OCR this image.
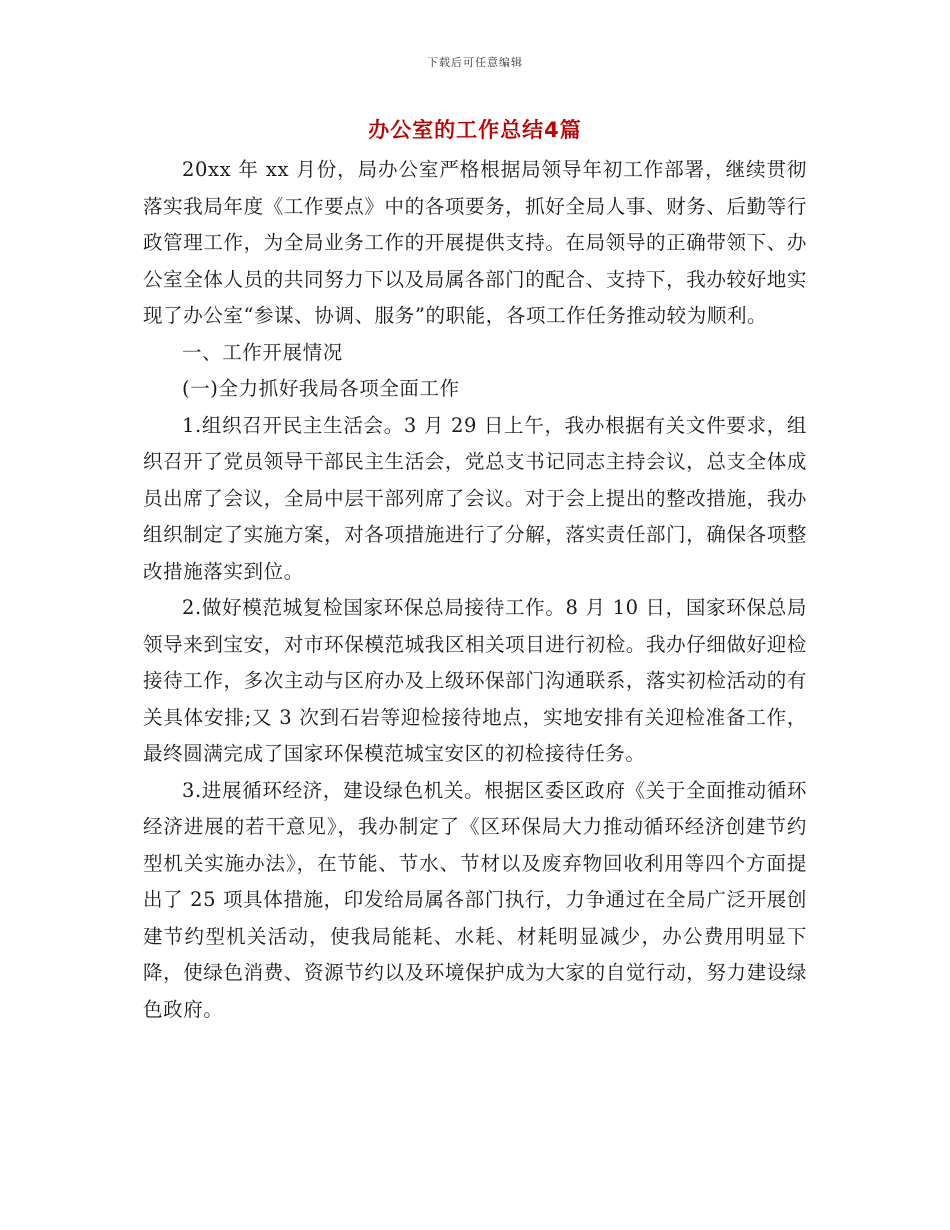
下载后可任意编辑
办公室的工作总结4篇

20xx 年 xx 月份，局办公室严格根据局领导年初工作部署，继续贯彻落实我局年度《工作要点》中的各项要务，抓好全局人事、财务、后勤等行政管理工作，为全局业务工作的开展提供支持。在局领导的正确带领下、办公室全体人员的共同努力下以及局属各部门的配合、支持下，我办较好地实现了办公室“参谋、协调、服务”的职能，各项工作任务推动较为顺利。

一、工作开展情况

(一)全力抓好我局各项全面工作

1.组织召开民主生活会。3 月 29 日上午，我办根据有关文件要求，组织召开了党员领导干部民主生活会，党总支书记同志主持会议，总支全体成员出席了会议，全局中层干部列席了会议。对于会上提出的整改措施，我办组织制定了实施方案，对各项措施进行了分解，落实责任部门，确保各项整改措施落实到位。

2.做好模范城复检国家环保总局接待工作。8 月 10 日，国家环保总局领导来到宝安，对市环保模范城我区相关项目进行初检。我办仔细做好迎检接待工作，多次主动与区府办及上级环保部门沟通联系，落实初检活动的有关具体安排;又 3 次到石岩等迎检接待地点，实地安排有关迎检准备工作，最终圆满完成了国家环保模范城宝安区的初检接待任务。

3.进展循环经济，建设绿色机关。根据区委区政府《关于全面推动循环经济进展的若干意见》，我办制定了《区环保局大力推动循环经济创建节约型机关实施办法》，在节能、节水、节材以及废弃物回收利用等四个方面提出了 25 项具体措施，印发给局属各部门执行，力争通过在全局广泛开展创建节约型机关活动，使我局能耗、水耗、材耗明显减少，办公费用明显下降，使绿色消费、资源节约以及环境保护成为大家的自觉行动，努力建设绿色政府。
